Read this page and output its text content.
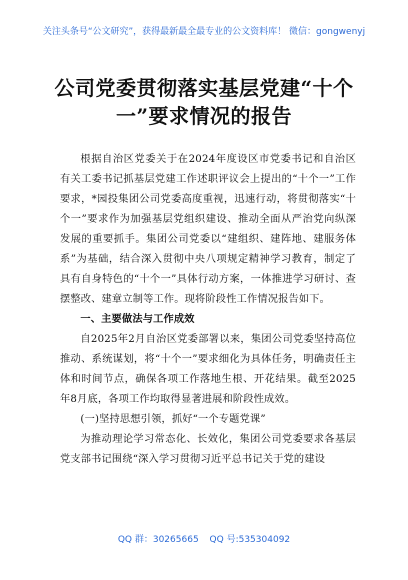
关注头条号“公文研究”，获得最新最全最专业的公文资料库！ 微信：gongwenyj
公司党委贯彻落实基层党建“十个一”要求情况的报告

根据自治区党委关于在2024年度设区市党委书记和自治区有关工委书记抓基层党建工作述职评议会上提出的“十个一”工作要求，*园投集团公司党委高度重视，迅速行动，将贯彻落实“十个一”要求作为加强基层党组织建设、推动全面从严治党向纵深发展的重要抓手。集团公司党委以“建组织、建阵地、建服务体系”为基础，结合深入贯彻中央八项规定精神学习教育，制定了具有自身特色的“十个一”具体行动方案，一体推进学习研讨、查摆整改、建章立制等工作。现将阶段性工作情况报告如下。

一、主要做法与工作成效

自2025年2月自治区党委部署以来，集团公司党委坚持高位推动、系统谋划，将“十个一”要求细化为具体任务，明确责任主体和时间节点，确保各项工作落地生根、开花结果。截至2025年8月底，各项工作均取得显著进展和阶段性成效。

(一)坚持思想引领，抓好“一个专题党课”

为推动理论学习常态化、长效化，集团公司党委要求各基层党支部书记围绕“深入学习贯彻习近平总书记关于党的建设

QQ 群：30265665 QQ 号:535304092
